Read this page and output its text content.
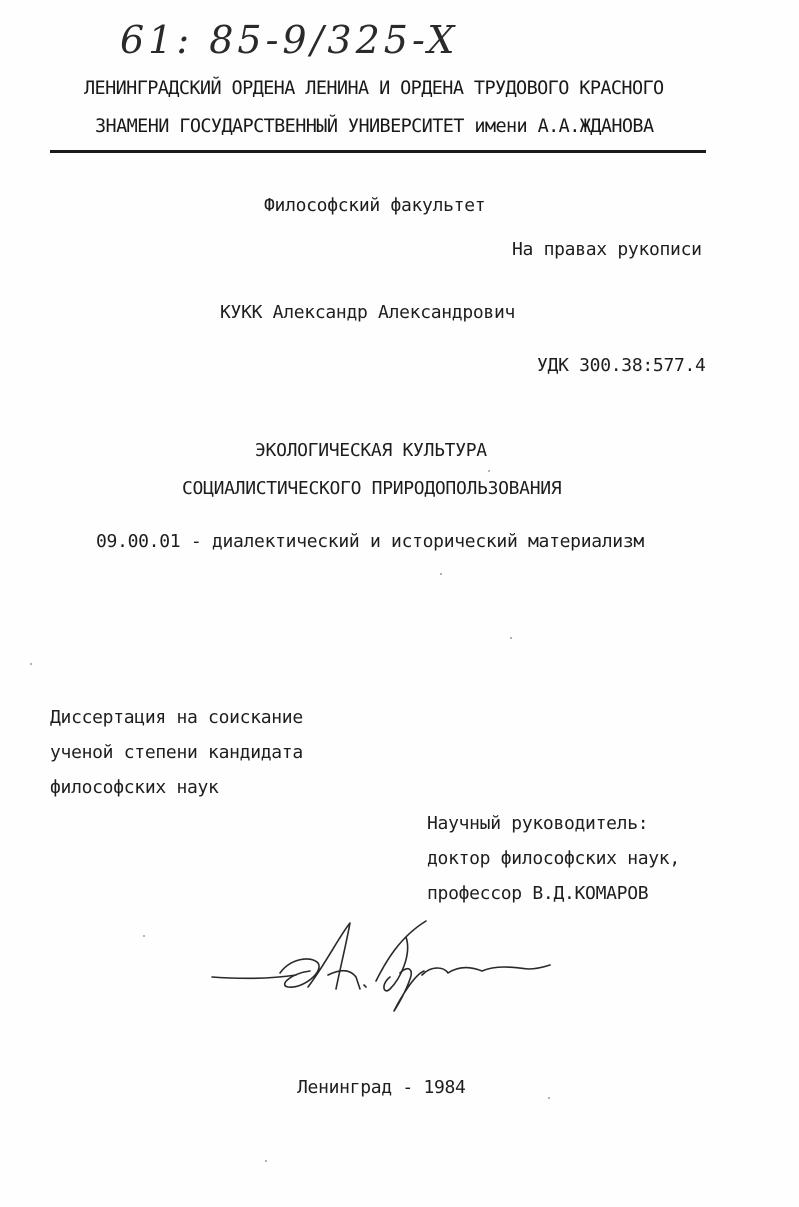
61: 85-9/325-X
ЛЕНИНГРАДСКИЙ ОРДЕНА ЛЕНИНА И ОРДЕНА ТРУДОВОГО КРАСНОГО
ЗНАМЕНИ ГОСУДАРСТВЕННЫЙ УНИВЕРСИТЕТ имени А.А.ЖДАНОВА
Философский факультет
На правах рукописи
КУКК Александр Александрович
УДК 300.38:577.4
ЭКОЛОГИЧЕСКАЯ КУЛЬТУРА
СОЦИАЛИСТИЧЕСКОГО ПРИРОДОПОЛЬЗОВАНИЯ
09.00.01 - диалектический и исторический материализм
Диссертация на соискание
ученой степени кандидата
философских наук
Научный руководитель:
доктор философских наук,
профессор В.Д.КОМАРОВ
Ленинград - 1984
